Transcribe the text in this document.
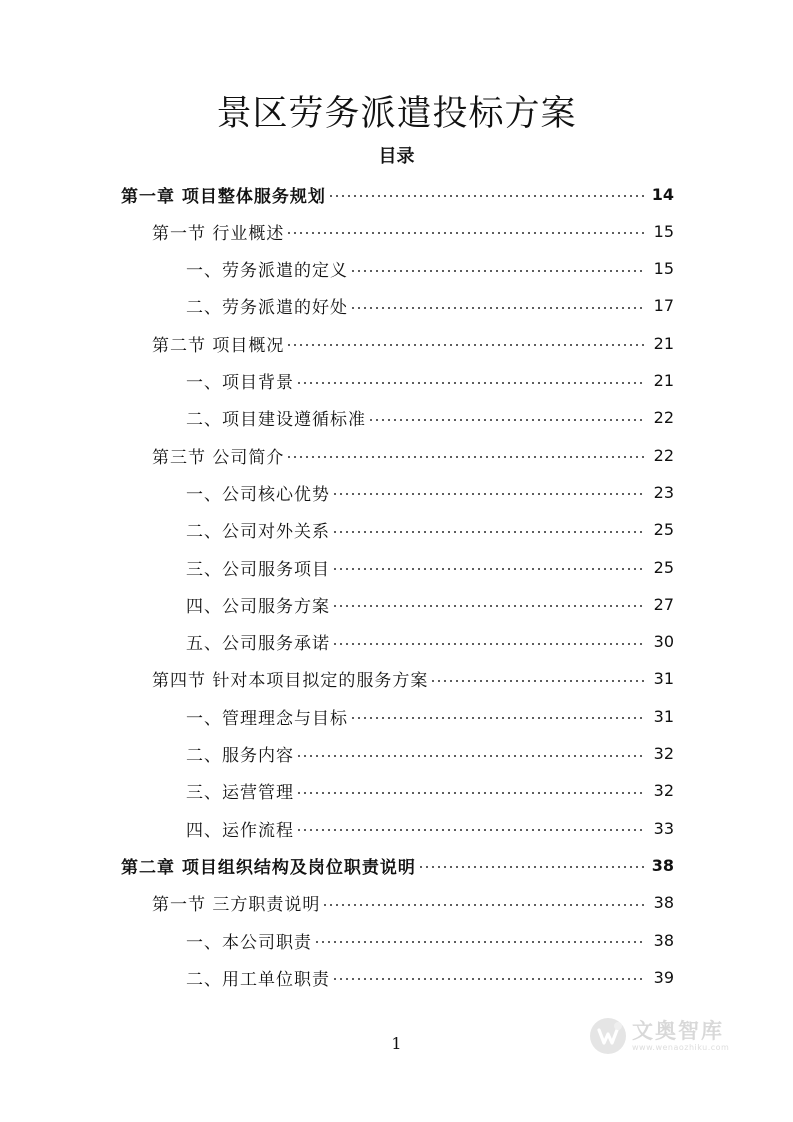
景区劳务派遣投标方案
目录
第一章 项目整体服务规划	14
第一节 行业概述	15
一、劳务派遣的定义	15
二、劳务派遣的好处	17
第二节 项目概况	21
一、项目背景	21
二、项目建设遵循标准	22
第三节 公司简介	22
一、公司核心优势	23
二、公司对外关系	25
三、公司服务项目	25
四、公司服务方案	27
五、公司服务承诺	30
第四节 针对本项目拟定的服务方案	31
一、管理理念与目标	31
二、服务内容	32
三、运营管理	32
四、运作流程	33
第二章 项目组织结构及岗位职责说明	38
第一节 三方职责说明	38
一、本公司职责	38
二、用工单位职责	39
1
文奥智库
www.wenaozhiku.com
